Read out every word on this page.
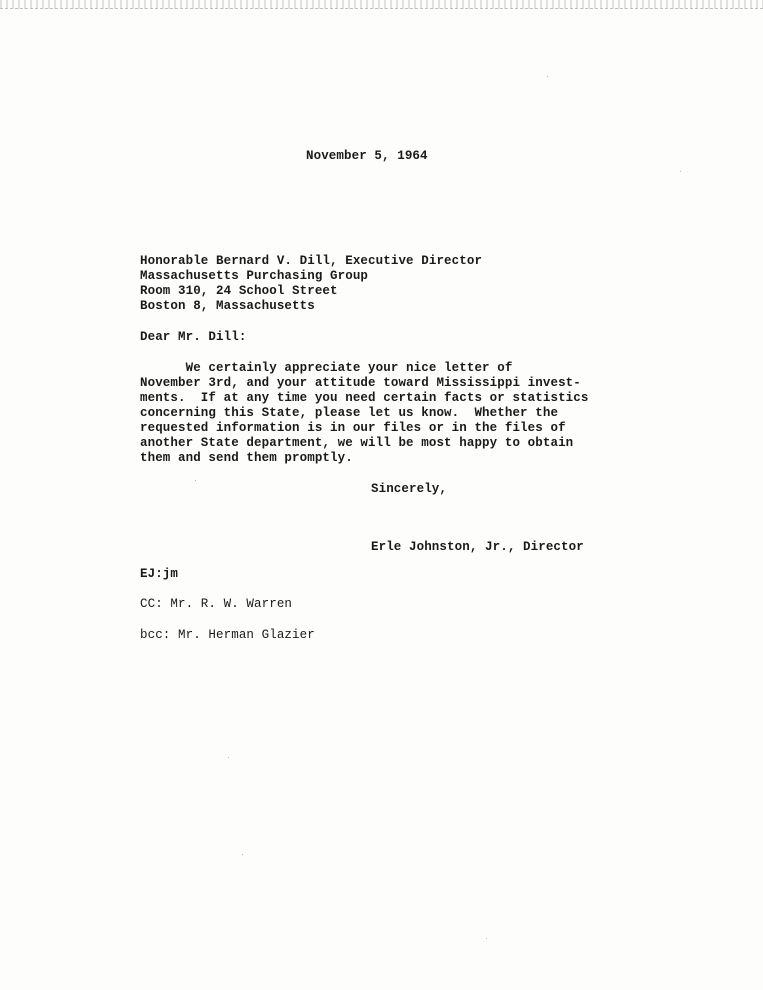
November 5, 1964
Honorable Bernard V. Dill, Executive Director
Massachusetts Purchasing Group
Room 310, 24 School Street
Boston 8, Massachusetts
Dear Mr. Dill:
We certainly appreciate your nice letter of
November 3rd, and your attitude toward Mississippi invest-
ments.  If at any time you need certain facts or statistics
concerning this State, please let us know.  Whether the
requested information is in our files or in the files of
another State department, we will be most happy to obtain
them and send them promptly.
Sincerely,
Erle Johnston, Jr., Director
EJ:jm
CC: Mr. R. W. Warren
bcc: Mr. Herman Glazier
